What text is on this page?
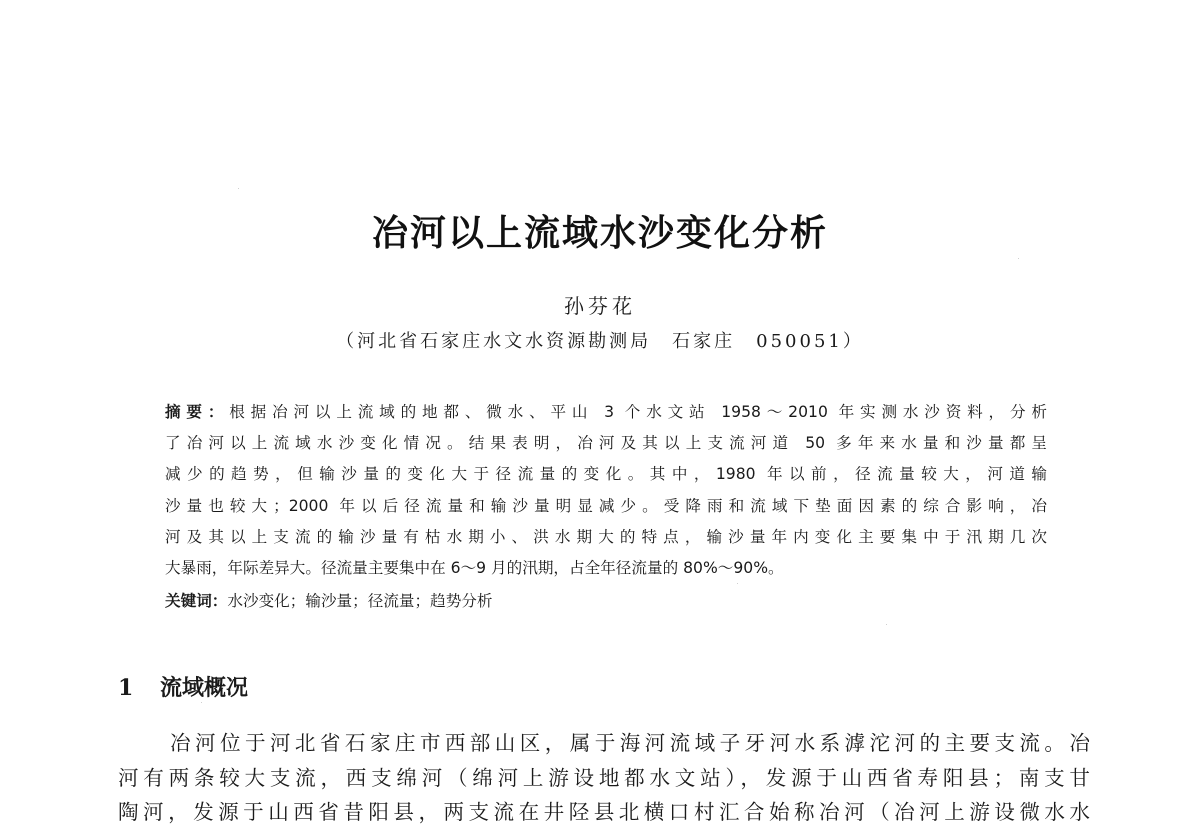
冶河以上流域水沙变化分析
孙芬花
（河北省石家庄水文水资源勘测局　石家庄　050051）
摘要：根据冶河以上流域的地都、微水、平山 3 个水文站 1958～2010 年实测水沙资料，分析
了冶河以上流域水沙变化情况。结果表明，冶河及其以上支流河道 50 多年来水量和沙量都呈
减少的趋势，但输沙量的变化大于径流量的变化。其中，1980 年以前，径流量较大，河道输
沙量也较大；2000 年以后径流量和输沙量明显减少。受降雨和流域下垫面因素的综合影响，冶
河及其以上支流的输沙量有枯水期小、洪水期大的特点，输沙量年内变化主要集中于汛期几次
大暴雨，年际差异大。径流量主要集中在 6～9 月的汛期，占全年径流量的 80%～90%。
关键词：水沙变化；输沙量；径流量；趋势分析
1 流域概况
冶河位于河北省石家庄市西部山区，属于海河流域子牙河水系滹沱河的主要支流。冶
河有两条较大支流，西支绵河（绵河上游设地都水文站），发源于山西省寿阳县；南支甘
陶河，发源于山西省昔阳县，两支流在井陉县北横口村汇合始称冶河（冶河上游设微水水
